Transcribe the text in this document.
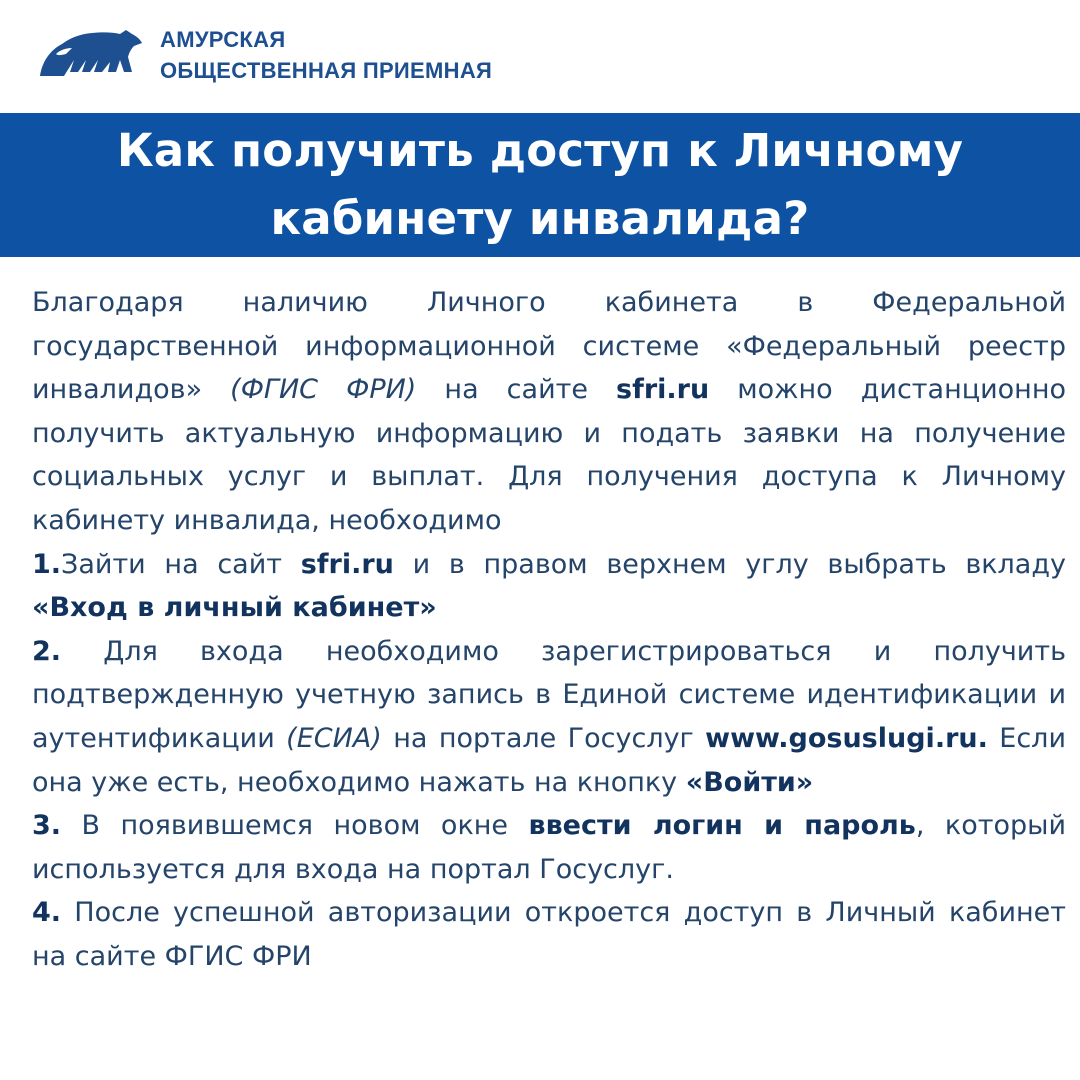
АМУРСКАЯ
ОБЩЕСТВЕННАЯ ПРИЕМНАЯ
Как получить доступ к Личному
кабинету инвалида?

Благодаря наличию Личного кабинета в Федеральной государственной информационной системе «Федеральный реестр инвалидов» (ФГИС ФРИ) на сайте sfri.ru можно дистанционно получить актуальную информацию и подать заявки на получение социальных услуг и выплат. Для получения доступа к Личному кабинету инвалида, необходимо

1.Зайти на сайт sfri.ru и в правом верхнем углу выбрать вкладу «Вход в личный кабинет»

2. Для входа необходимо зарегистрироваться и получить подтвержденную учетную запись в Единой системе идентификации и аутентификации (ЕСИА) на портале Госуслуг www.gosuslugi.ru. Если она уже есть, необходимо нажать на кнопку «Войти»

3. В появившемся новом окне ввести логин и пароль, который используется для входа на портал Госуслуг.

4. После успешной авторизации откроется доступ в Личный кабинет на сайте ФГИС ФРИ
